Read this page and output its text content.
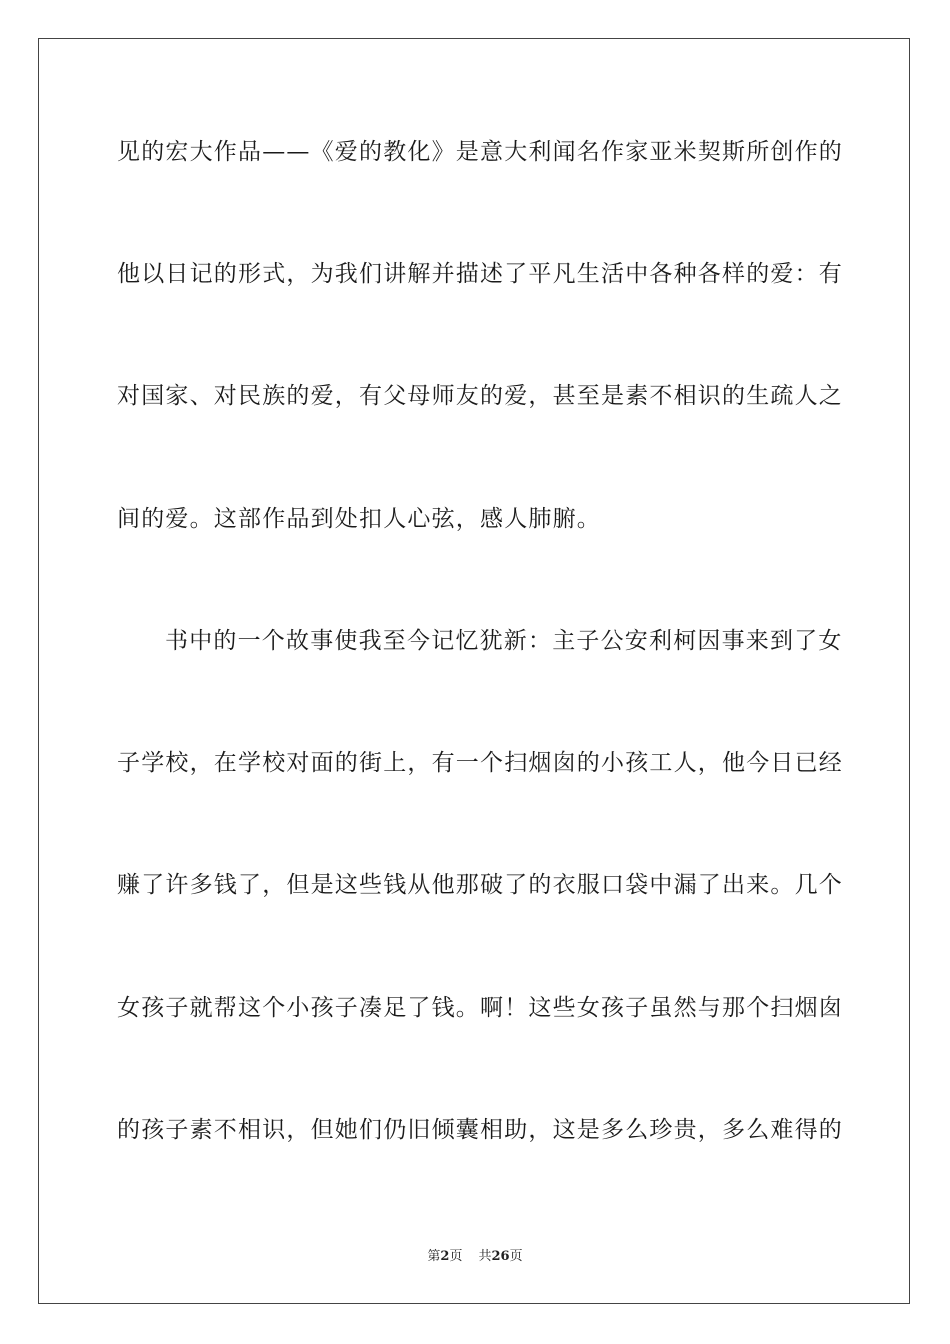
见的宏大作品——《爱的教化》是意大利闻名作家亚米契斯所创作的
他以日记的形式，为我们讲解并描述了平凡生活中各种各样的爱：有
对国家、对民族的爱，有父母师友的爱，甚至是素不相识的生疏人之
间的爱。这部作品到处扣人心弦，感人肺腑。
书中的一个故事使我至今记忆犹新：主子公安利柯因事来到了女
子学校，在学校对面的街上，有一个扫烟囱的小孩工人，他今日已经
赚了许多钱了，但是这些钱从他那破了的衣服口袋中漏了出来。几个
女孩子就帮这个小孩子凑足了钱。啊！这些女孩子虽然与那个扫烟囱
的孩子素不相识，但她们仍旧倾囊相助，这是多么珍贵，多么难得的
第2页 共26页
